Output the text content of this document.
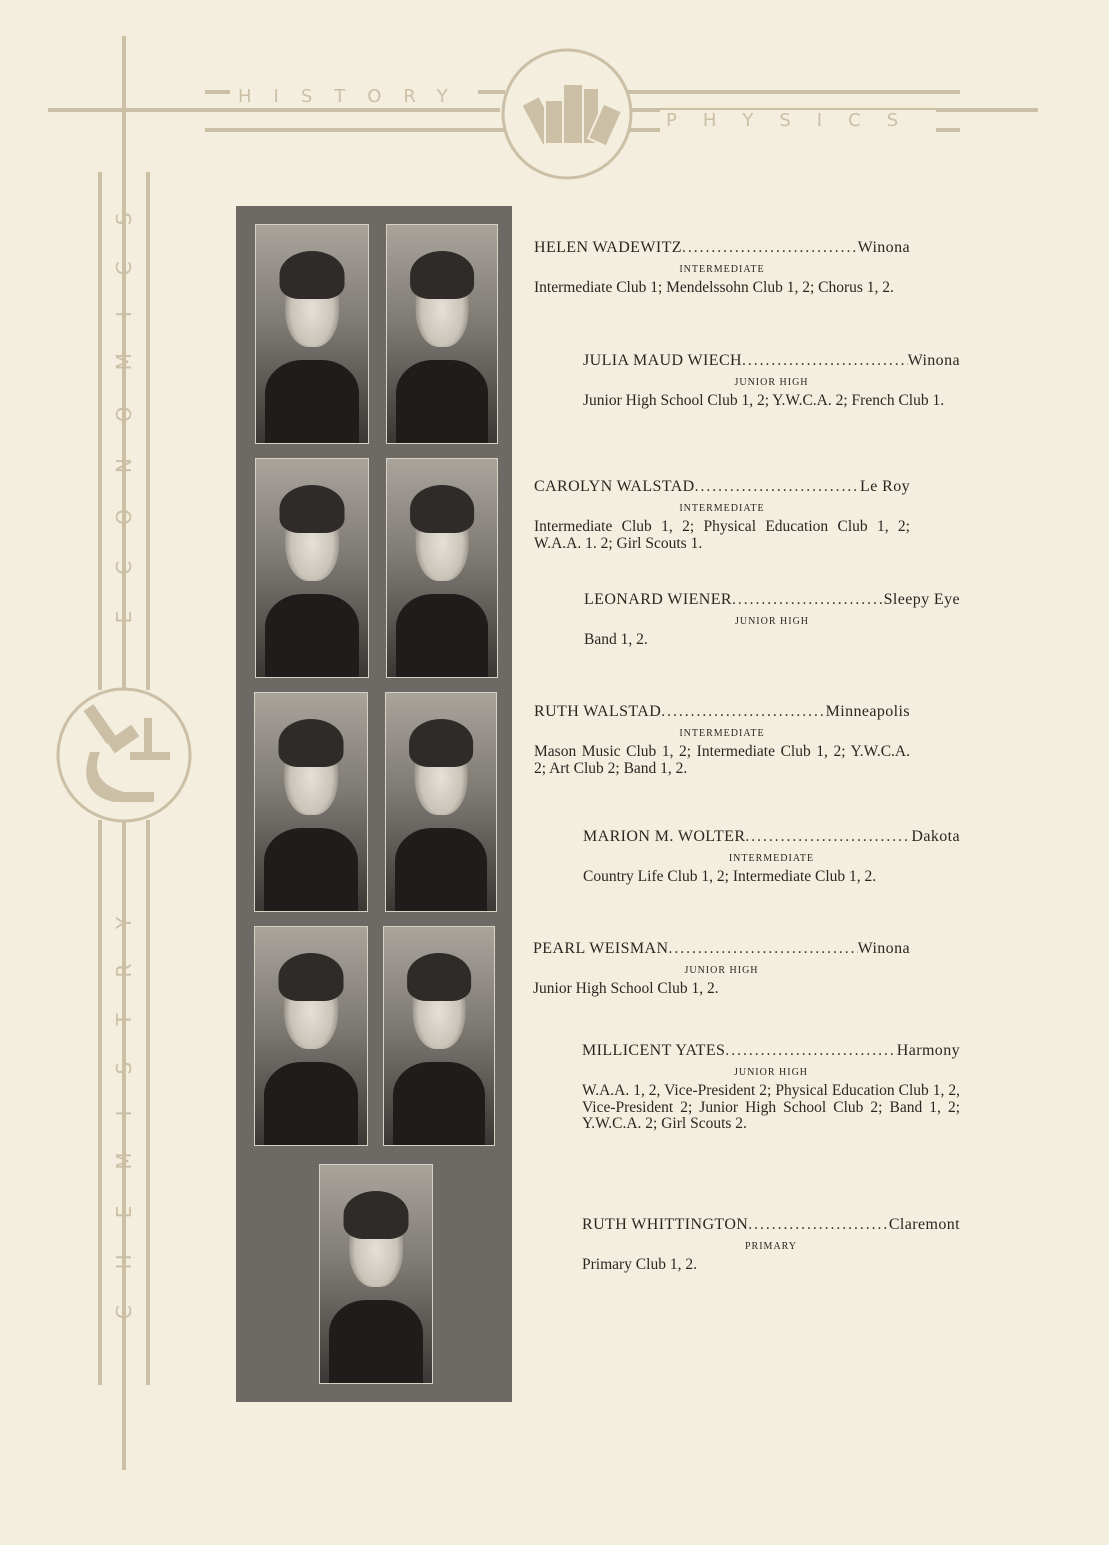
HISTORY
PHYSICS
ECONOMICS
CHEMISTRY
HELEN WADEWITZ .....	Winona
INTERMEDIATE
Intermediate Club 1; Mendelssohn Club 1, 2; Chorus 1, 2.
JULIA MAUD WIECH .....	Winona
JUNIOR HIGH
Junior High School Club 1, 2; Y.W.C.A. 2; French Club 1.
CAROLYN WALSTAD .....	Le Roy
INTERMEDIATE
Intermediate Club 1, 2; Physical Education Club 1, 2; W.A.A. 1. 2; Girl Scouts 1.
LEONARD WIENER .....	Sleepy Eye
JUNIOR HIGH
Band 1, 2.
RUTH WALSTAD .....	Minneapolis
INTERMEDIATE
Mason Music Club 1, 2; Intermediate Club 1, 2; Y.W.C.A. 2; Art Club 2; Band 1, 2.
MARION M. WOLTER .....	Dakota
INTERMEDIATE
Country Life Club 1, 2; Intermediate Club 1, 2.
PEARL WEISMAN .....	Winona
JUNIOR HIGH
Junior High School Club 1, 2.
MILLICENT YATES .....	Harmony
JUNIOR HIGH
W.A.A. 1, 2, Vice-President 2; Physical Education Club 1, 2, Vice-President 2; Junior High School Club 2; Band 1, 2; Y.W.C.A. 2; Girl Scouts 2.
RUTH WHITTINGTON .....	Claremont
PRIMARY
Primary Club 1, 2.
